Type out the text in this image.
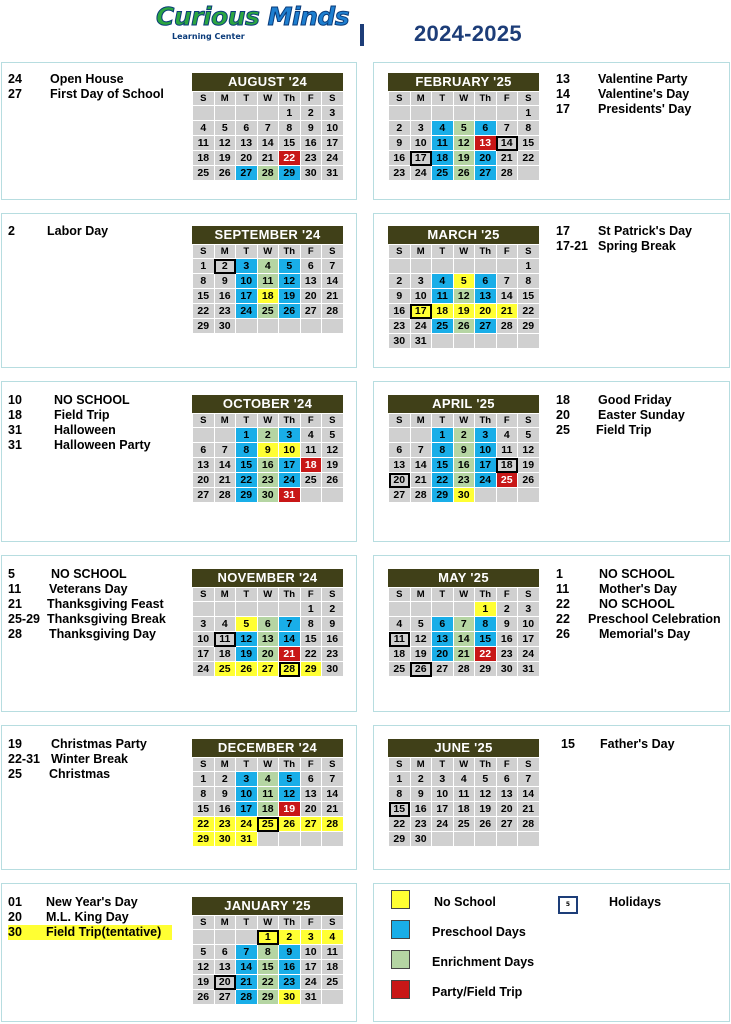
Curious Minds
Learning Center	2024-2025
24 Open House
27 First Day of School
13 Valentine Party
14 Valentine's Day
17 Presidents' Day
2	Labor Day	17 St Patrick's Day
17-21 Spring Break
10	NO SCHOOL
18	Field Trip
31	Halloween
31	Halloween Party
18 Good Friday
20 Easter Sunday
25 Field Trip
5	NO SCHOOL
11 Veterans Day
21 Thanksgiving Feast
25-29 Thanksgiving Break
28 Thanksgiving Day
1	NO SCHOOL
11 Mother's Day
22 NO SCHOOL
22 Preschool Celebration
26 Memorial's Day
19 Christmas Party
22-31 Winter Break
25 Christmas
15 Father's Day
01 New Year's Day
20 M.L. King Day
30 Field Trip(tentative)
AUGUST '24
S	M	T	W	Th	F	S
				1	2	3
4	5	6	7	8	9	10
11	12	13	14	15	16	17
18	19	20	21	22	23	24
25	26	27	28	29	30	31
FEBRUARY '25
S	M	T	W	Th	F	S
						1
2	3	4	5	6	7	8
9	10	11	12	13	14	15
16	17	18	19	20	21	22
23	24	25	26	27	28	
SEPTEMBER '24
S	M	T	W	Th	F	S
1	2	3	4	5	6	7
8	9	10	11	12	13	14
15	16	17	18	19	20	21
22	23	24	25	26	27	28
29	30					
MARCH '25
S	M	T	W	Th	F	S
						1
2	3	4	5	6	7	8
9	10	11	12	13	14	15
16	17	18	19	20	21	22
23	24	25	26	27	28	29
30	31					
OCTOBER '24
S	M	T	W	Th	F	S
		1	2	3	4	5
6	7	8	9	10	11	12
13	14	15	16	17	18	19
20	21	22	23	24	25	26
27	28	29	30	31		
APRIL '25
S	M	T	W	Th	F	S
		1	2	3	4	5
6	7	8	9	10	11	12
13	14	15	16	17	18	19
20	21	22	23	24	25	26
27	28	29	30			
NOVEMBER '24
S	M	T	W	Th	F	S
					1	2
3	4	5	6	7	8	9
10	11	12	13	14	15	16
17	18	19	20	21	22	23
24	25	26	27	28	29	30
MAY '25
S	M	T	W	Th	F	S
				1	2	3
4	5	6	7	8	9	10
11	12	13	14	15	16	17
18	19	20	21	22	23	24
25	26	27	28	29	30	31
DECEMBER '24
S	M	T	W	Th	F	S
1	2	3	4	5	6	7
8	9	10	11	12	13	14
15	16	17	18	19	20	21
22	23	24	25	26	27	28
29	30	31				
JUNE '25
S	M	T	W	Th	F	S
1	2	3	4	5	6	7
8	9	10	11	12	13	14
15	16	17	18	19	20	21
22	23	24	25	26	27	28
29	30					
JANUARY '25
S	M	T	W	Th	F	S
			1	2	3	4
5	6	7	8	9	10	11
12	13	14	15	16	17	18
19	20	21	22	23	24	25
26	27	28	29	30	31	
No School
Preschool Days
Enrichment Days
Party/Field Trip
5	Holidays
